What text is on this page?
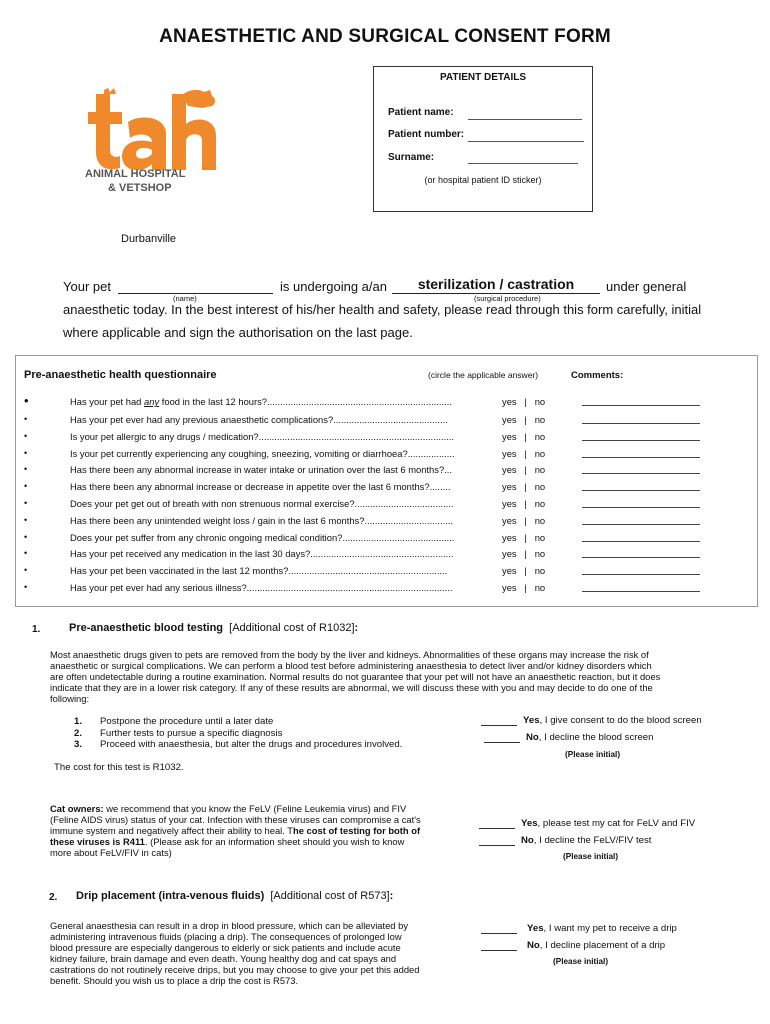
ANAESTHETIC AND SURGICAL CONSENT FORM
ANIMAL HOSPITAL
& VETSHOP
PATIENT DETAILS
Patient name:
Patient number:
Surname:
(or hospital patient ID sticker)
Durbanville
Your pet
(name)
is undergoing a/an	sterilization / castration
(surgical procedure)
under general
anaesthetic today. In the best interest of his/her health and safety, please read through this form carefully, initial
where applicable and sign the authorisation on the last page.
Pre-anaesthetic health questionnaire	(circle the applicable answer)	Comments:
•	Has your pet had any food in the last 12 hours?.......................................................................	yes | no
•	Has your pet ever had any previous anaesthetic complications?............................................	yes | no
•	Is your pet allergic to any drugs / medication?...........................................................................	yes | no
•	Is your pet currently experiencing any coughing, sneezing, vomiting or diarrhoea?..................	yes | no
•	Has there been any abnormal increase in water intake or urination over the last 6 months?...	yes | no
•	Has there been any abnormal increase or decrease in appetite over the last 6 months?........	yes | no
•	Does your pet get out of breath with non strenuous normal exercise?......................................	yes | no
•	Has there been any unintended weight loss / gain in the last 6 months?..................................	yes | no
•	Does your pet suffer from any chronic ongoing medical condition?...........................................	yes | no
•	Has your pet received any medication in the last 30 days?.......................................................	yes | no
•	Has your pet been vaccinated in the last 12 months?.............................................................	yes | no
•	Has your pet ever had any serious illness?...............................................................................	yes | no
1.	Pre-anaesthetic blood testing [Additional cost of R1032]:
Most anaesthetic drugs given to pets are removed from the body by the liver and kidneys. Abnormalities of these organs may increase the risk of
anaesthetic or surgical complications. We can perform a blood test before administering anaesthesia to detect liver and/or kidney disorders which
are often undetectable during a routine examination. Normal results do not guarantee that your pet will not have an anaesthetic reaction, but it does
indicate that they are in a lower risk category. If any of these results are abnormal, we will discuss these with you and may decide to do one of the
following:
1. Postpone the procedure until a later date
2. Further tests to pursue a specific diagnosis
3. Proceed with anaesthesia, but alter the drugs and procedures involved.
Yes, I give consent to do the blood screen
No, I decline the blood screen
(Please initial)
The cost for this test is R1032.
Cat owners: we recommend that you know the FeLV (Feline Leukemia virus) and FIV
(Feline AIDS virus) status of your cat. Infection with these viruses can compromise a cat's
immune system and negatively affect their ability to heal. The cost of testing for both of
these viruses is R411. (Please ask for an information sheet should you wish to know
more about FeLV/FIV in cats)
Yes, please test my cat for FeLV and FIV
No, I decline the FeLV/FIV test
(Please initial)
2. Drip placement (intra-venous fluids) [Additional cost of R573]:
General anaesthesia can result in a drop in blood pressure, which can be alleviated by
administering intravenous fluids (placing a drip). The consequences of prolonged low
blood pressure are especially dangerous to elderly or sick patients and include acute
kidney failure, brain damage and even death. Young healthy dog and cat spays and
castrations do not routinely receive drips, but you may choose to give your pet this added
benefit. Should you wish us to place a drip the cost is R573.
Yes, I want my pet to receive a drip
No, I decline placement of a drip
(Please initial)
